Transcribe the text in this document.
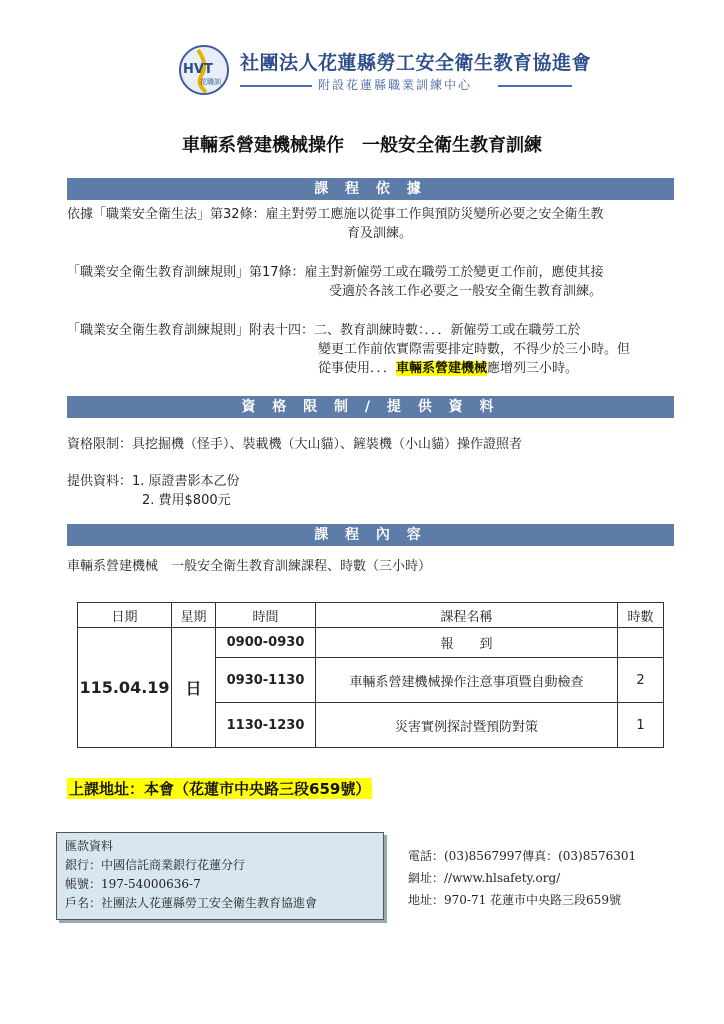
HVT
花職訓
社團法人花蓮縣勞工安全衛生教育協進會
附設花蓮縣職業訓練中心
車輛系營建機械操作　一般安全衛生教育訓練
課 程 依 據
依據「職業安全衛生法」第32條：雇主對勞工應施以從事工作與預防災變所必要之安全衛生教
育及訓練。
「職業安全衛生教育訓練規則」第17條：雇主對新僱勞工或在職勞工於變更工作前，應使其接
受適於各該工作必要之一般安全衛生教育訓練。
「職業安全衛生教育訓練規則」附表十四：二、教育訓練時數：．．．新僱勞工或在職勞工於
變更工作前依實際需要排定時數，不得少於三小時。但
從事使用．．．車輛系營建機械應增列三小時。
資 格 限 制 / 提 供 資 料
資格限制：具挖掘機（怪手）、裝載機（大山貓）、鏟裝機（小山貓）操作證照者
提供資料：1. 原證書影本乙份
2. 費用$800元
課 程 內 容
車輛系營建機械　一般安全衛生教育訓練課程、時數（三小時）
日期	星期	時間	課程名稱	時數
115.04.19	日	0900-0930	報　　到	
		0930-1130	車輛系營建機械操作注意事項暨自動檢查	2
		1130-1230	災害實例探討暨預防對策	1
上課地址：本會（花蓮市中央路三段659號）
匯款資料
銀行：中國信託商業銀行花蓮分行
帳號：197-54000636-7
戶名：社團法人花蓮縣勞工安全衛生教育協進會
電話：(03)8567997傳真：(03)8576301
網址：//www.hlsafety.org/
地址：970-71 花蓮市中央路三段659號
